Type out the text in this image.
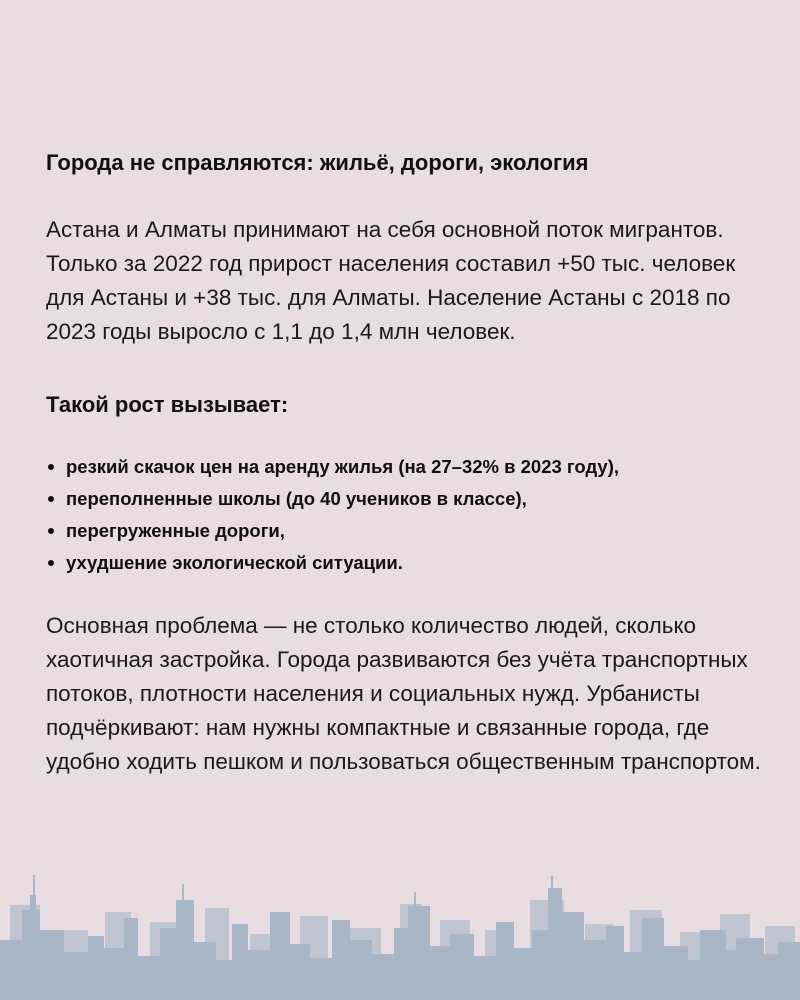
Города не справляются: жильё, дороги, экология

Астана и Алматы принимают на себя основной поток мигрантов. Только за 2022 год прирост населения составил +50 тыс. человек для Астаны и +38 тыс. для Алматы. Население Астаны с 2018 по 2023 годы выросло с 1,1 до 1,4 млн человек.

Такой рост вызывает:
резкий скачок цен на аренду жилья (на 27–32% в 2023 году),
переполненные школы (до 40 учеников в классе),
перегруженные дороги,
ухудшение экологической ситуации.

Основная проблема — не столько количество людей, сколько хаотичная застройка. Города развиваются без учёта транспортных потоков, плотности населения и социальных нужд. Урбанисты подчёркивают: нам нужны компактные и связанные города, где удобно ходить пешком и пользоваться общественным транспортом.
